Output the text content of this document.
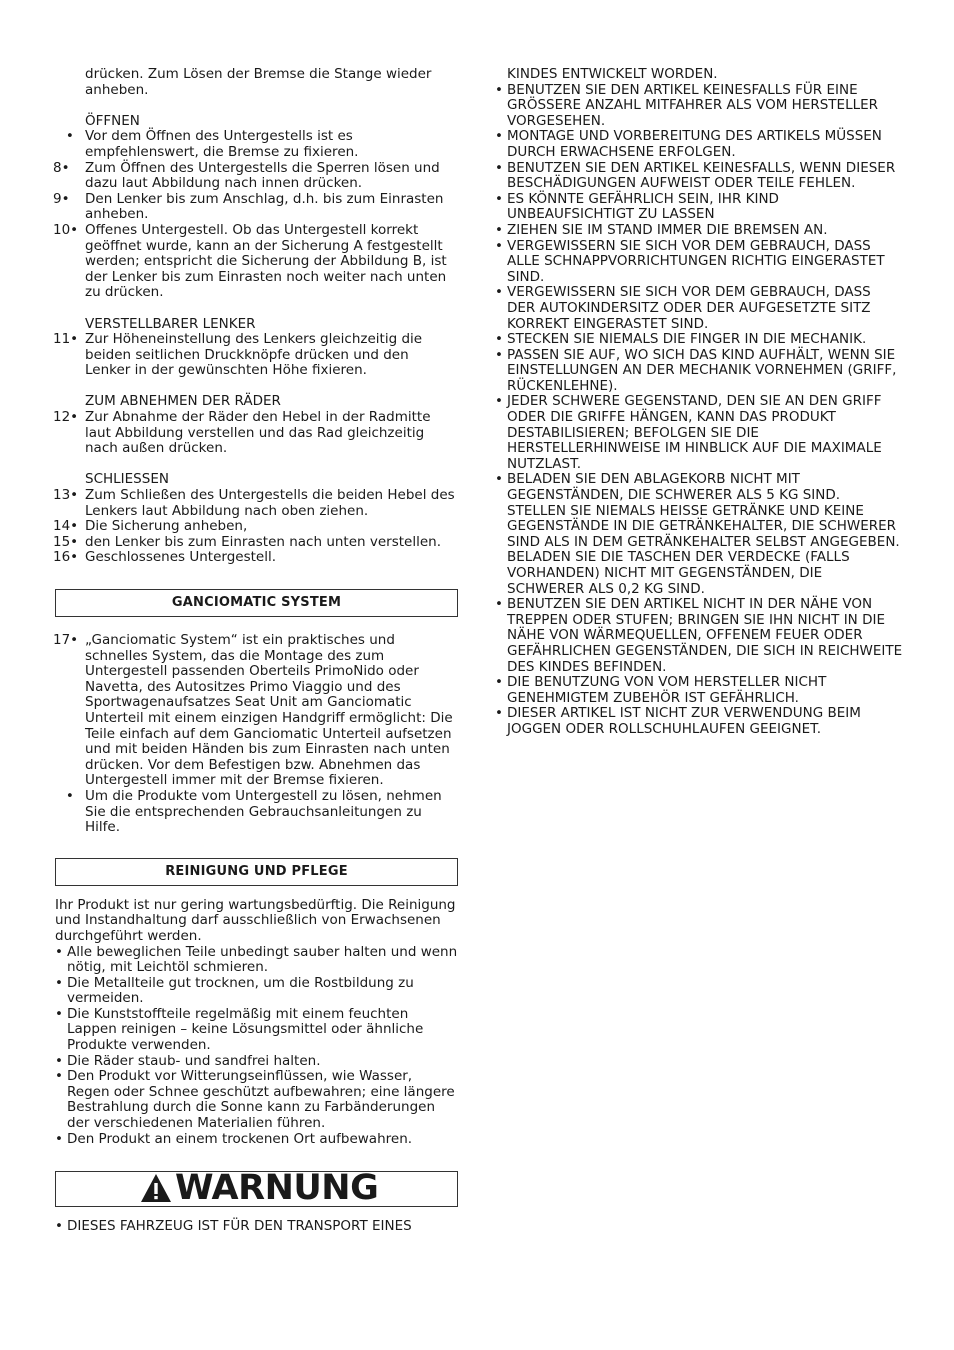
drücken. Zum Lösen der Bremse die Stange wieder anheben.

ÖFFNEN

• Vor dem Öffnen des Untergestells ist es empfehlenswert, die Bremse zu fixieren.

8•	Zum Öffnen des Untergestells die Sperren lösen und dazu laut Abbildung nach innen drücken.

9•	Den Lenker bis zum Anschlag, d.h. bis zum Einrasten anheben.

10• Offenes Untergestell. Ob das Untergestell korrekt geöffnet wurde, kann an der Sicherung A festgestellt werden; entspricht die Sicherung der Abbildung B, ist der Lenker bis zum Einrasten noch weiter nach unten zu drücken.

VERSTELLBARER LENKER

11• Zur Höheneinstellung des Lenkers gleichzeitig die beiden seitlichen Druckknöpfe drücken und den Lenker in der gewünschten Höhe fixieren.

ZUM ABNEHMEN DER RÄDER

12• Zur Abnahme der Räder den Hebel in der Radmitte laut Abbildung verstellen und das Rad gleichzeitig nach außen drücken.

SCHLIESSEN

13• Zum Schließen des Untergestells die beiden Hebel des Lenkers laut Abbildung nach oben ziehen.

14• Die Sicherung anheben,

15• den Lenker bis zum Einrasten nach unten verstellen.

16• Geschlossenes Untergestell.

GANCIOMATIC SYSTEM

17• „Ganciomatic System“ ist ein praktisches und schnelles System, das die Montage des zum Untergestell passenden Oberteils PrimoNido oder Navetta, des Autositzes Primo Viaggio und des Sportwagenaufsatzes Seat Unit am Ganciomatic Unterteil mit einem einzigen Handgriff ermöglicht: Die Teile einfach auf dem Ganciomatic Unterteil aufsetzen und mit beiden Händen bis zum Einrasten nach unten drücken. Vor dem Befestigen bzw. Abnehmen das Untergestell immer mit der Bremse fixieren.

• Um die Produkte vom Untergestell zu lösen, nehmen Sie die entsprechenden Gebrauchsanleitungen zu Hilfe.

REINIGUNG UND PFLEGE

Ihr Produkt ist nur gering wartungsbedürftig. Die Reinigung und Instandhaltung darf ausschließlich von Erwachsenen durchgeführt werden.

• Alle beweglichen Teile unbedingt sauber halten und wenn nötig, mit Leichtöl schmieren.

• Die Metallteile gut trocknen, um die Rostbildung zu vermeiden.

• Die Kunststoffteile regelmäßig mit einem feuchten Lappen reinigen – keine Lösungsmittel oder ähnliche Produkte verwenden.

• Die Räder staub- und sandfrei halten.

• Den Produkt vor Witterungseinflüssen, wie Wasser, Regen oder Schnee geschützt aufbewahren; eine längere Bestrahlung durch die Sonne kann zu Farbänderungen der verschiedenen Materialien führen.

• Den Produkt an einem trockenen Ort aufbewahren.

WARNUNG

• DIESES FAHRZEUG IST FÜR DEN TRANSPORT EINES

KINDES ENTWICKELT WORDEN.

• BENUTZEN SIE DEN ARTIKEL KEINESFALLS FÜR EINE GRÖSSERE ANZAHL MITFAHRER ALS VOM HERSTELLER VORGESEHEN.

• MONTAGE UND VORBEREITUNG DES ARTIKELS MÜSSEN DURCH ERWACHSENE ERFOLGEN.

• BENUTZEN SIE DEN ARTIKEL KEINESFALLS, WENN DIESER BESCHÄDIGUNGEN AUFWEIST ODER TEILE FEHLEN.

• ES KÖNNTE GEFÄHRLICH SEIN, IHR KIND UNBEAUFSICHTIGT ZU LASSEN

• ZIEHEN SIE IM STAND IMMER DIE BREMSEN AN.

• VERGEWISSERN SIE SICH VOR DEM GEBRAUCH, DASS ALLE SCHNAPPVORRICHTUNGEN RICHTIG EINGERASTET SIND.

• VERGEWISSERN SIE SICH VOR DEM GEBRAUCH, DASS DER AUTOKINDERSITZ ODER DER AUFGESETZTE SITZ KORREKT EINGERASTET SIND.

• STECKEN SIE NIEMALS DIE FINGER IN DIE MECHANIK.

• PASSEN SIE AUF, WO SICH DAS KIND AUFHÄLT, WENN SIE EINSTELLUNGEN AN DER MECHANIK VORNEHMEN (GRIFF, RÜCKENLEHNE).

• JEDER SCHWERE GEGENSTAND, DEN SIE AN DEN GRIFF ODER DIE GRIFFE HÄNGEN, KANN DAS PRODUKT DESTABILISIEREN; BEFOLGEN SIE DIE HERSTELLERHINWEISE IM HINBLICK AUF DIE MAXIMALE NUTZLAST.

• BELADEN SIE DEN ABLAGEKORB NICHT MIT GEGENSTÄNDEN, DIE SCHWERER ALS 5 KG SIND. STELLEN SIE NIEMALS HEISSE GETRÄNKE UND KEINE GEGENSTÄNDE IN DIE GETRÄNKEHALTER, DIE SCHWERER SIND ALS IN DEM GETRÄNKEHALTER SELBST ANGEGEBEN. BELADEN SIE DIE TASCHEN DER VERDECKE (FALLS VORHANDEN) NICHT MIT GEGENSTÄNDEN, DIE SCHWERER ALS 0,2 KG SIND.

• BENUTZEN SIE DEN ARTIKEL NICHT IN DER NÄHE VON TREPPEN ODER STUFEN; BRINGEN SIE IHN NICHT IN DIE NÄHE VON WÄRMEQUELLEN, OFFENEM FEUER ODER GEFÄHRLICHEN GEGENSTÄNDEN, DIE SICH IN REICHWEITE DES KINDES BEFINDEN.

• DIE BENUTZUNG VON VOM HERSTELLER NICHT GENEHMIGTEM ZUBEHÖR IST GEFÄHRLICH.

• DIESER ARTIKEL IST NICHT ZUR VERWENDUNG BEIM JOGGEN ODER ROLLSCHUHLAUFEN GEEIGNET.
